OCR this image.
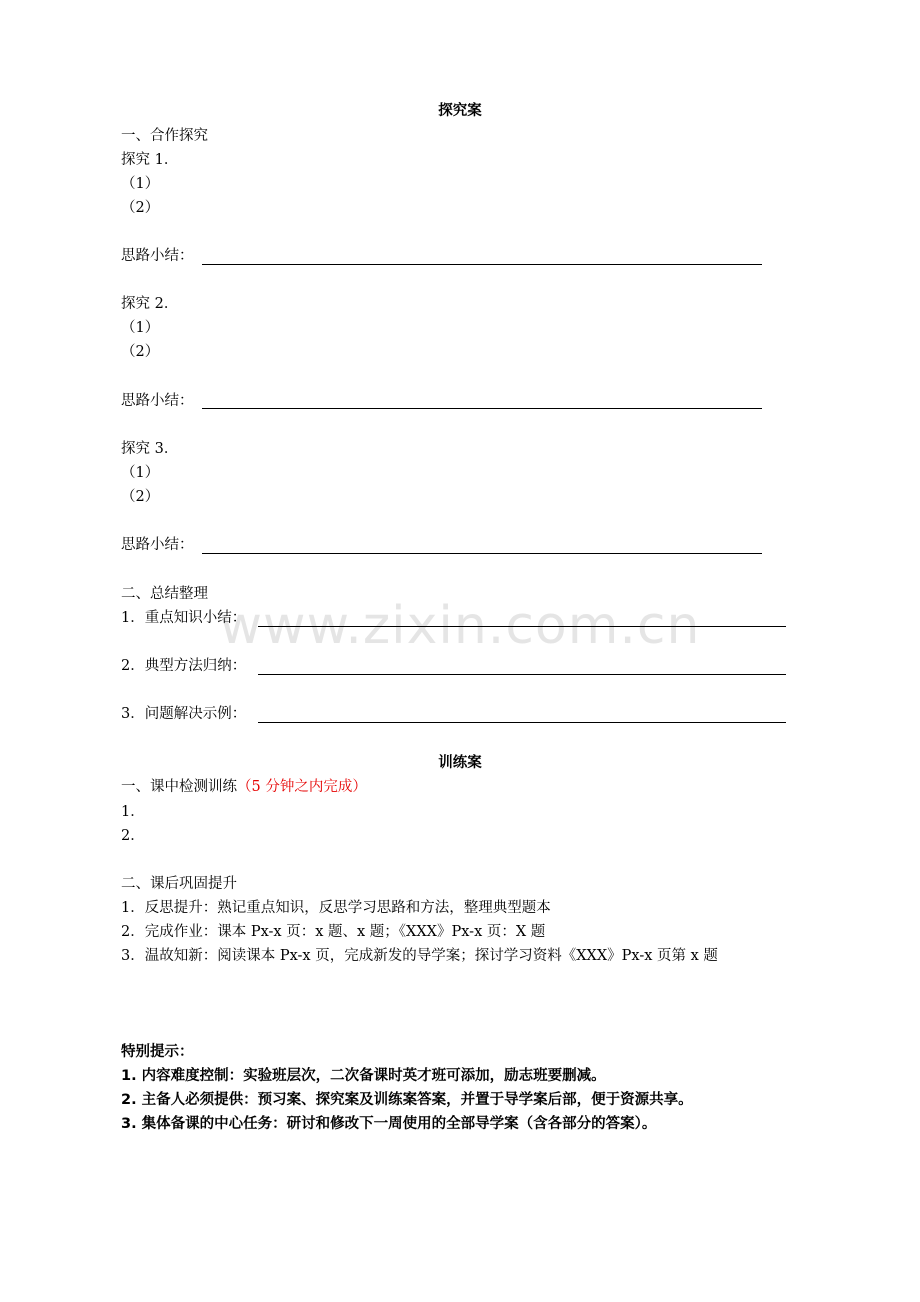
www.zixin.com.cn
探究案
一、合作探究
探究 1．
（1）
（2）
思路小结：
探究 2．
（1）
（2）
思路小结：
探究 3．
（1）
（2）
思路小结：
二、总结整理
1．重点知识小结：
2．典型方法归纳：
3．问题解决示例：
训练案
一、课中检测训练（5 分钟之内完成）
1．
2．
二、课后巩固提升
1．反思提升：熟记重点知识，反思学习思路和方法，整理典型题本
2．完成作业：课本 Px-x 页：x 题、x 题；《XXX》Px-x 页：X 题
3．温故知新：阅读课本 Px-x 页，完成新发的导学案；探讨学习资料《XXX》Px-x 页第 x 题
特别提示：
1. 内容难度控制：实验班层次，二次备课时英才班可添加，励志班要删减。
2. 主备人必须提供：预习案、探究案及训练案答案，并置于导学案后部，便于资源共享。
3. 集体备课的中心任务：研讨和修改下一周使用的全部导学案（含各部分的答案）。
